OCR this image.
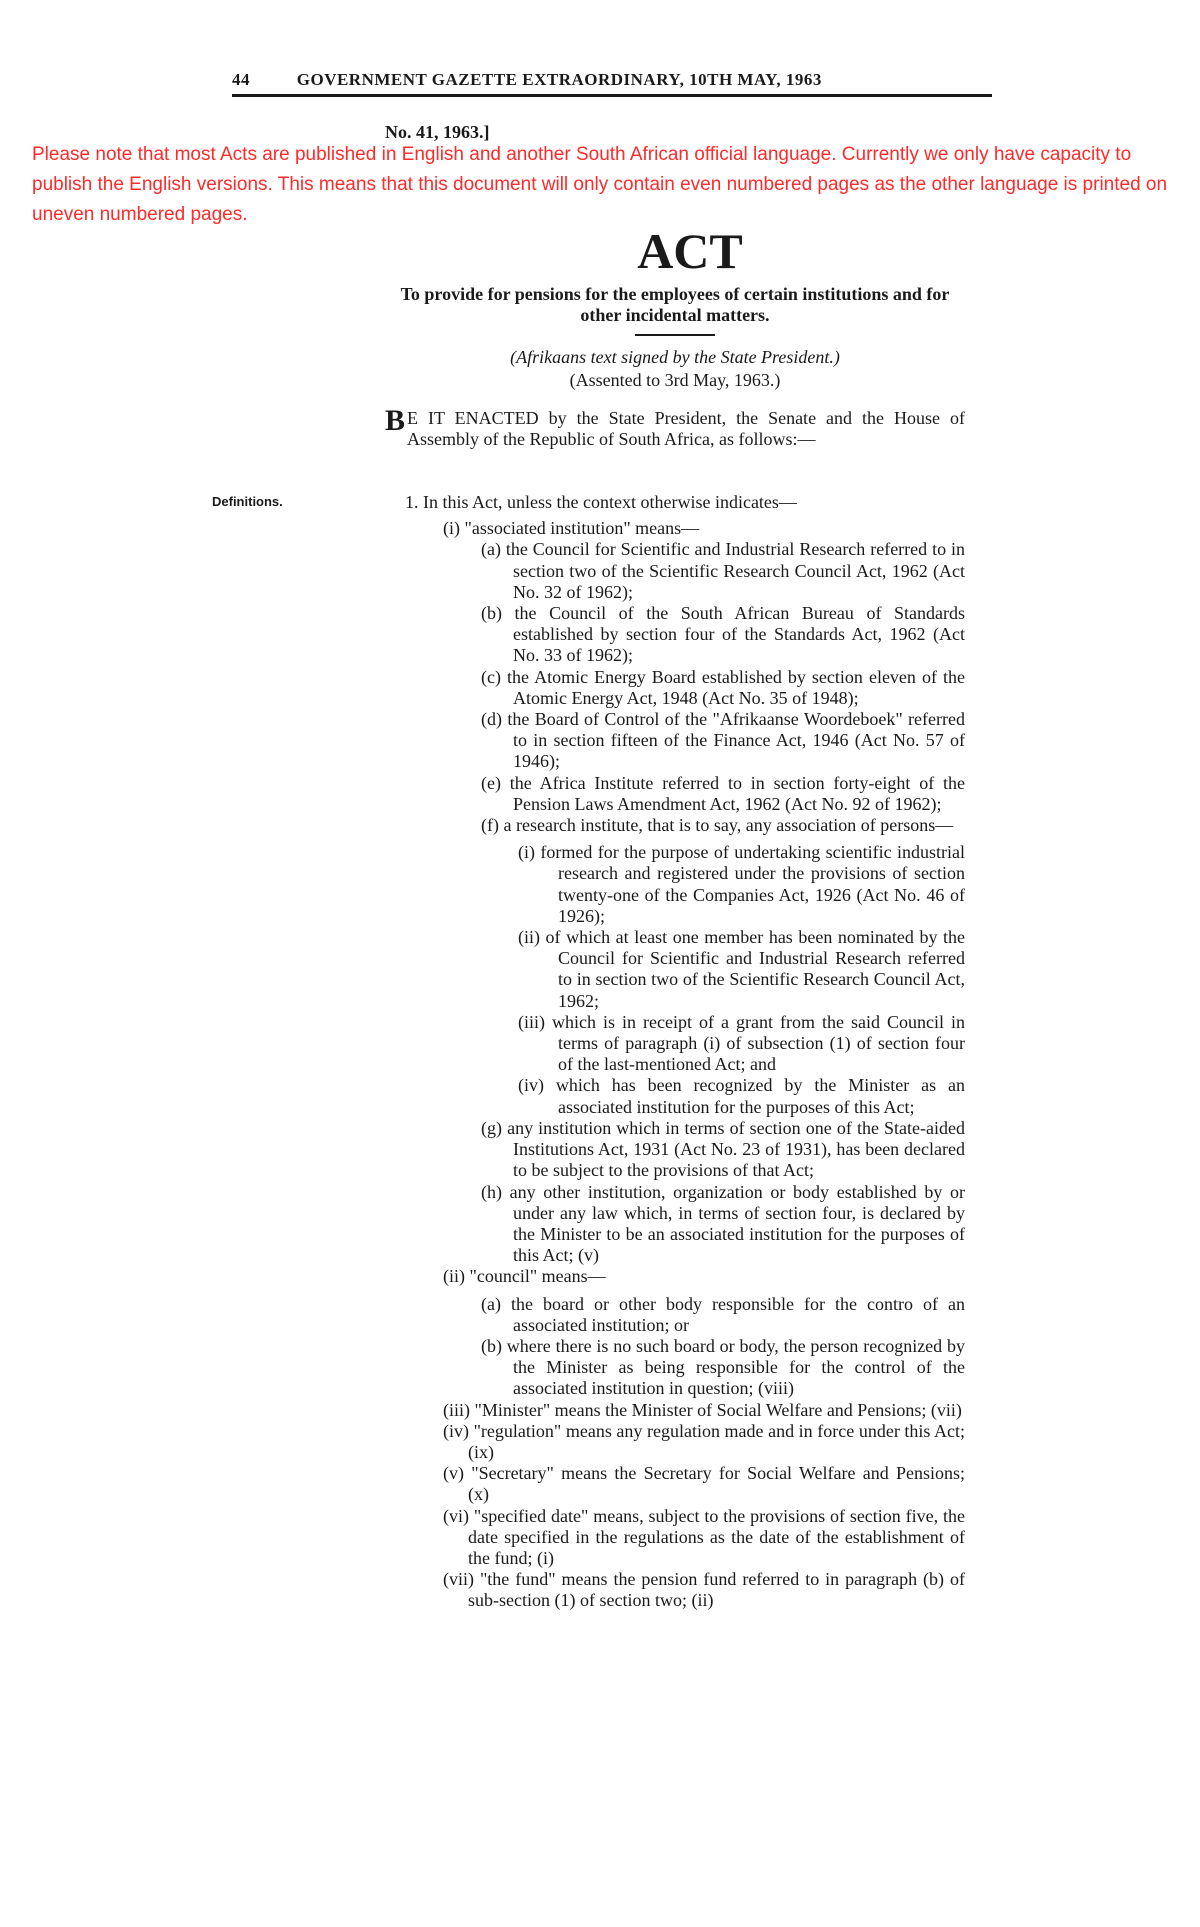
44	GOVERNMENT GAZETTE EXTRAORDINARY, 10TH MAY, 1963
No. 41, 1963.]
Please note that most Acts are published in English and another South African official language. Currently we only have capacity to publish the English versions. This means that this document will only contain even numbered pages as the other language is printed on uneven numbered pages.
ACT
To provide for pensions for the employees of certain institutions and for other incidental matters.
(Afrikaans text signed by the State President.)
(Assented to 3rd May, 1963.)
B E IT ENACTED by the State President, the Senate and the House of Assembly of the Republic of South Africa, as follows:—
Definitions.	1. In this Act, unless the context otherwise indicates—
(i) "associated institution" means—
(a) the Council for Scientific and Industrial Research referred to in section two of the Scientific Research Council Act, 1962 (Act No. 32 of 1962);
(b) the Council of the South African Bureau of Standards established by section four of the Standards Act, 1962 (Act No. 33 of 1962);
(c) the Atomic Energy Board established by section eleven of the Atomic Energy Act, 1948 (Act No. 35 of 1948);
(d) the Board of Control of the "Afrikaanse Woordeboek" referred to in section fifteen of the Finance Act, 1946 (Act No. 57 of 1946);
(e) the Africa Institute referred to in section forty-eight of the Pension Laws Amendment Act, 1962 (Act No. 92 of 1962);
(f) a research institute, that is to say, any association of persons—
(i) formed for the purpose of undertaking scientific industrial research and registered under the provisions of section twenty-one of the Companies Act, 1926 (Act No. 46 of 1926);
(ii) of which at least one member has been nominated by the Council for Scientific and Industrial Research referred to in section two of the Scientific Research Council Act, 1962;
(iii) which is in receipt of a grant from the said Council in terms of paragraph (i) of subsection (1) of section four of the last-mentioned Act; and
(iv) which has been recognized by the Minister as an associated institution for the purposes of this Act;
(g) any institution which in terms of section one of the State-aided Institutions Act, 1931 (Act No. 23 of 1931), has been declared to be subject to the provisions of that Act;
(h) any other institution, organization or body established by or under any law which, in terms of section four, is declared by the Minister to be an associated institution for the purposes of this Act; (v)
(ii) "council" means—
(a) the board or other body responsible for the contro of an associated institution; or
(b) where there is no such board or body, the person recognized by the Minister as being responsible for the control of the associated institution in question; (viii)
(iii) "Minister" means the Minister of Social Welfare and Pensions; (vii)
(iv) "regulation" means any regulation made and in force under this Act; (ix)
(v) "Secretary" means the Secretary for Social Welfare and Pensions; (x)
(vi) "specified date" means, subject to the provisions of section five, the date specified in the regulations as the date of the establishment of the fund; (i)
(vii) "the fund" means the pension fund referred to in paragraph (b) of sub-section (1) of section two; (ii)
